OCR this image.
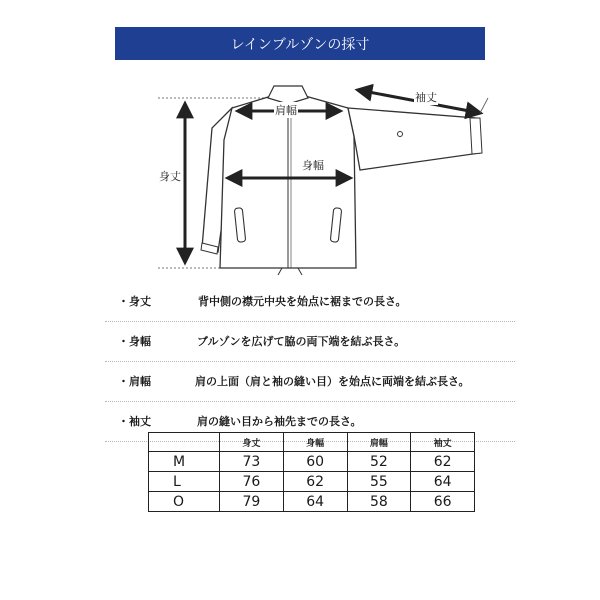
レインブルゾンの採寸
肩幅
袖丈
身幅
身丈
・身丈	背中側の襟元中央を始点に裾までの長さ。
・身幅	ブルゾンを広げて脇の両下端を結ぶ長さ。
・肩幅	肩の上面（肩と袖の縫い目）を始点に両端を結ぶ長さ。
・袖丈	肩の縫い目から袖先までの長さ。
	身丈	身幅	肩幅	袖丈
M	73	60	52	62
L	76	62	55	64
O	79	64	58	66
